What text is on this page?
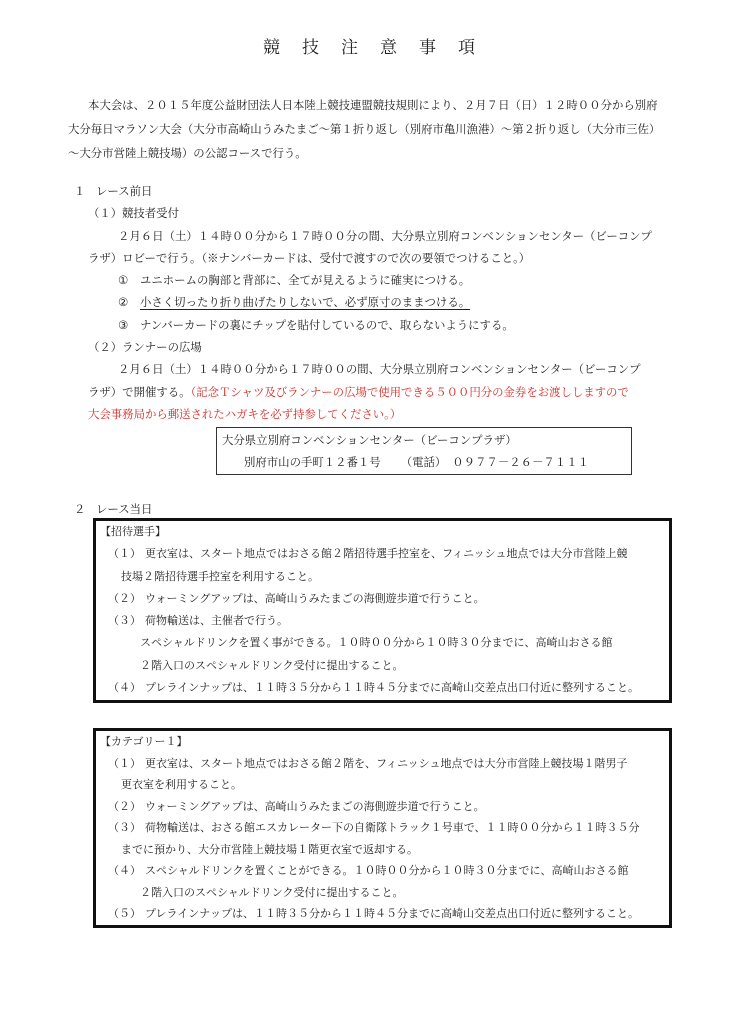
競技注意事項
本大会は、２０１５年度公益財団法人日本陸上競技連盟競技規則により、２月７日（日）１２時００分から別府
大分毎日マラソン大会（大分市高崎山うみたまご〜第１折り返し（別府市亀川漁港）〜第２折り返し（大分市三佐）
〜大分市営陸上競技場）の公認コースで行う。
１ レース前日
（１）競技者受付
２月６日（土）１４時００分から１７時００分の間、大分県立別府コンベンションセンター（ビーコンプ
ラザ）ロビーで行う。（※ナンバーカードは、受付で渡すので次の要領でつけること。）
① ユニホームの胸部と背部に、全てが見えるように確実につける。
② 小さく切ったり折り曲げたりしないで、必ず原寸のままつける。
③ ナンバーカードの裏にチップを貼付しているので、取らないようにする。
（２）ランナーの広場
２月６日（土）１４時００分から１７時００の間、大分県立別府コンベンションセンター（ビーコンプ
ラザ）で開催する。（記念Ｔシャツ及びランナーの広場で使用できる５００円分の金券をお渡ししますので
大会事務局から郵送されたハガキを必ず持参してください。）
大分県立別府コンベンションセンター（ビーコンプラザ）
別府市山の手町１２番１号 （電話） ０９７７－２６－７１１１
２ レース当日
【招待選手】
（１） 更衣室は、スタート地点ではおさる館２階招待選手控室を、フィニッシュ地点では大分市営陸上競
技場２階招待選手控室を利用すること。
（２） ウォーミングアップは、高崎山うみたまごの海側遊歩道で行うこと。
（３） 荷物輸送は、主催者で行う。
スペシャルドリンクを置く事ができる。１０時００分から１０時３０分までに、高崎山おさる館
２階入口のスペシャルドリンク受付に提出すること。
（４） プレラインナップは、１１時３５分から１１時４５分までに高崎山交差点出口付近に整列すること。
【カテゴリー１】
（１） 更衣室は、スタート地点ではおさる館２階を、フィニッシュ地点では大分市営陸上競技場１階男子
更衣室を利用すること。
（２） ウォーミングアップは、高崎山うみたまごの海側遊歩道で行うこと。
（３） 荷物輸送は、おさる館エスカレーター下の自衛隊トラック１号車で、１１時００分から１１時３５分
までに預かり、大分市営陸上競技場１階更衣室で返却する。
（４） スペシャルドリンクを置くことができる。１０時００分から１０時３０分までに、高崎山おさる館
２階入口のスペシャルドリンク受付に提出すること。
（５） プレラインナップは、１１時３５分から１１時４５分までに高崎山交差点出口付近に整列すること。
